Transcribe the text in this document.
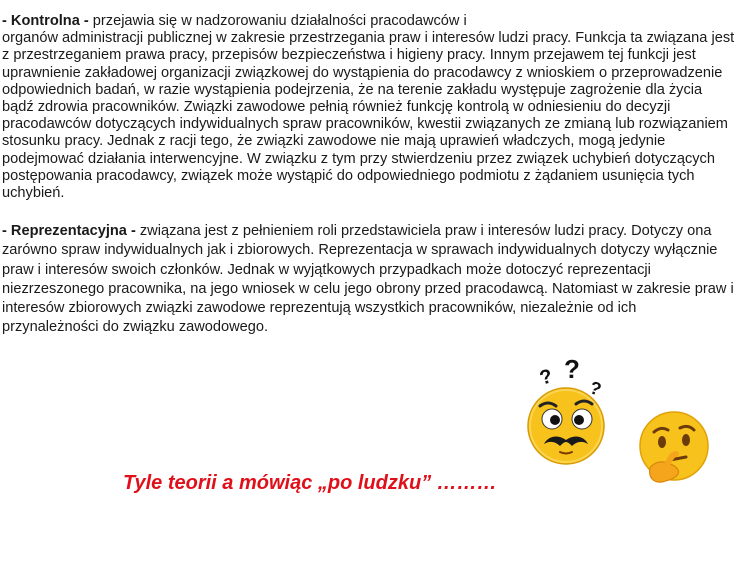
- Kontrolna - przejawia się w nadzorowaniu działalności pracodawców i
organów administracji publicznej w zakresie przestrzegania praw i interesów ludzi pracy. Funkcja ta związana jest
z przestrzeganiem prawa pracy, przepisów bezpieczeństwa i higieny pracy. Innym przejawem tej funkcji jest
uprawnienie zakładowej organizacji związkowej do wystąpienia do pracodawcy z wnioskiem o przeprowadzenie
odpowiednich badań, w razie wystąpienia podejrzenia, że na terenie zakładu występuje zagrożenie dla życia
bądź zdrowia pracowników. Związki zawodowe pełnią również funkcję kontrolą w odniesieniu do decyzji
pracodawców dotyczących indywidualnych spraw pracowników, kwestii związanych ze zmianą lub rozwiązaniem
stosunku pracy. Jednak z racji tego, że związki zawodowe nie mają uprawień władczych, mogą jedynie
podejmować działania interwencyjne. W związku z tym przy stwierdzeniu przez związek uchybień dotyczących
postępowania pracodawcy, związek może wystąpić do odpowiedniego podmiotu z żądaniem usunięcia tych
uchybień.
- Reprezentacyjna - związana jest z pełnieniem roli przedstawiciela praw i interesów ludzi pracy. Dotyczy ona
zarówno spraw indywidualnych jak i zbiorowych. Reprezentacja w sprawach indywidualnych dotyczy wyłącznie
praw i interesów swoich członków. Jednak w wyjątkowych przypadkach może dotoczyć reprezentacji
niezrzeszonego pracownika, na jego wniosek w celu jego obrony przed pracodawcą. Natomiast w zakresie praw i
interesów zbiorowych związki zawodowe reprezentują wszystkich pracowników, niezależnie od ich
przynależności do związku zawodowego.
? ?
?
Tyle teorii a mówiąc „po ludzku” ………
